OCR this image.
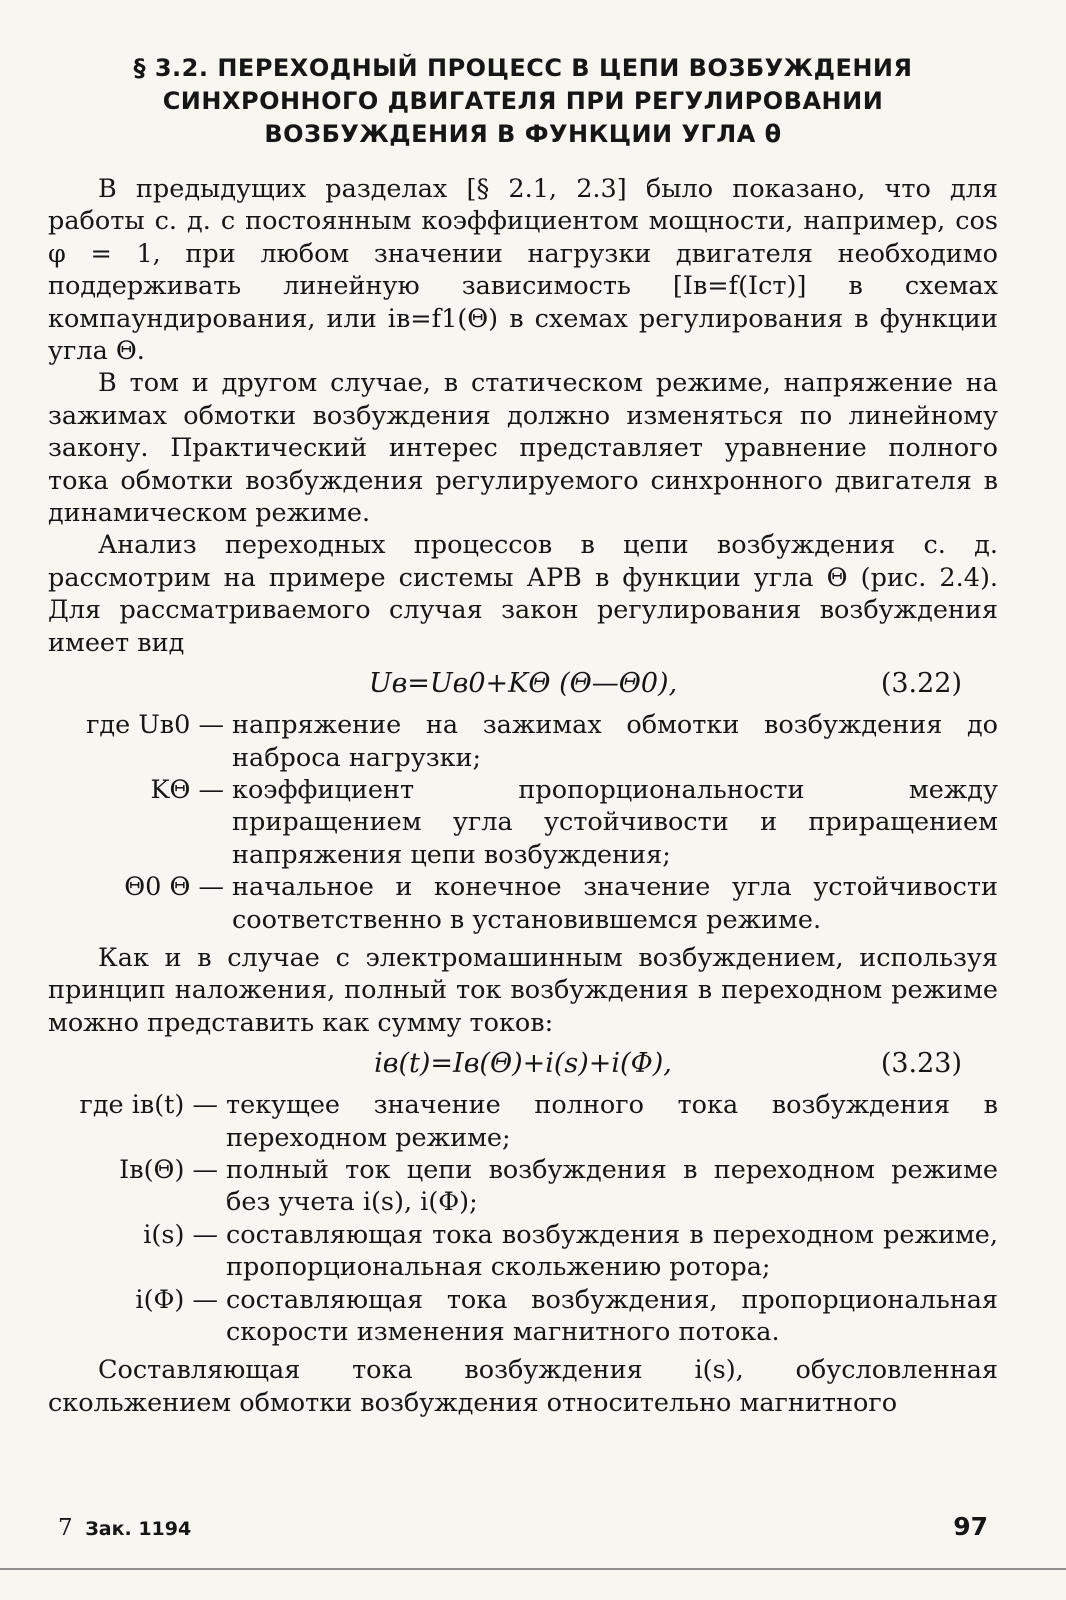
§ 3.2. ПЕРЕХОДНЫЙ ПРОЦЕСС В ЦЕПИ ВОЗБУЖДЕНИЯ
СИНХРОННОГО ДВИГАТЕЛЯ ПРИ РЕГУЛИРОВАНИИ
ВОЗБУЖДЕНИЯ В ФУНКЦИИ УГЛА θ

В предыдущих разделах [§ 2.1, 2.3] было показано, что для работы с. д. с постоянным коэффициентом мощности, например, cos φ = 1, при любом значении нагрузки двигателя необходимо поддерживать линейную зависимость [Iв=f(Iст)] в схемах компаундирования, или iв=f1(Θ) в схемах регулирования в функции угла Θ.

В том и другом случае, в статическом режиме, напряжение на зажимах обмотки возбуждения должно изменяться по линейному закону. Практический интерес представляет уравнение полного тока обмотки возбуждения регулируемого синхронного двигателя в динамическом режиме.

Анализ переходных процессов в цепи возбуждения с. д. рассмотрим на примере системы АРВ в функции угла Θ (рис. 2.4). Для рассматриваемого случая закон регулирования возбуждения имеет вид

Uв=Uв0+KΘ (Θ—Θ0),	(3.22)
где Uв0 — напряжение на зажимах обмотки возбуждения до наброса нагрузки;
KΘ — коэффициент пропорциональности между приращением угла устойчивости и приращением напряжения цепи возбуждения;
Θ0 Θ — начальное и конечное значение угла устойчивости соответственно в установившемся режиме.

Как и в случае с электромашинным возбуждением, используя принцип наложения, полный ток возбуждения в переходном режиме можно представить как сумму токов:

iв(t)=Iв(Θ)+i(s)+i(Φ),	(3.23)
где iв(t) — текущее значение полного тока возбуждения в переходном режиме;
Iв(Θ) — полный ток цепи возбуждения в переходном режиме без учета i(s), i(Φ);
i(s) — составляющая тока возбуждения в переходном режиме, пропорциональная скольжению ротора;
i(Φ) — составляющая тока возбуждения, пропорциональная скорости изменения магнитного потока.

Составляющая тока возбуждения i(s), обусловленная скольжением обмотки возбуждения относительно магнитного

7 Зак. 1194	97
